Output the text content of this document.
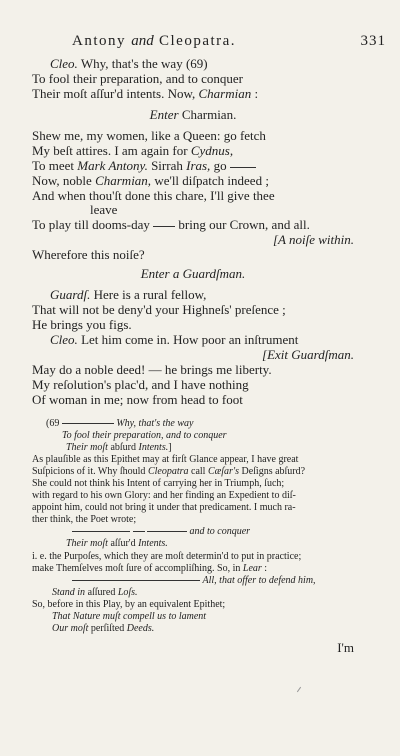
Antony and Cleopatra.	331
Cleo. Why, that's the way (69)
To fool their preparation, and to conquer
Their moſt aſſur'd intents. Now, Charmian :
Enter Charmian.
Shew me, my women, like a Queen: go fetch
My beſt attires. I am again for Cydnus,
To meet Mark Antony. Sirrah Iras, go
Now, noble Charmian, we'll diſpatch indeed ;
And when thou'ſt done this chare, I'll give thee
leave
To play till dooms-day  bring our Crown, and all.
[A noiſe within.
Wherefore this noiſe?
Enter a Guardſman.
Guardſ. Here is a rural fellow,
That will not be deny'd your Highneſs' preſence ;
He brings you figs.
Cleo. Let him come in. How poor an inſtrument
[Exit Guardſman.
May do a noble deed! — he brings me liberty.
My reſolution's plac'd, and I have nothing
Of woman in me; now from head to foot
(69	Why, that's the way
To fool their preparation, and to conquer
Their moſt abſurd Intents.]
As plauſible as this Epithet may at firſt Glance appear, I have great
Suſpicions of it. Why ſhould Cleopatra call Cæſar's Deſigns abſurd?
She could not think his Intent of carrying her in Triumph, ſuch;
with regard to his own Glory: and her finding an Expedient to diſ-
appoint him, could not bring it under that predicament. I much ra-
ther think, the Poet wrote;
and to conquer
Their moſt aſſur'd Intents.
i. e. the Purpoſes, which they are moſt determin'd to put in practice;
make Themſelves moſt ſure of accompliſhing. So, in Lear :
All, that offer to defend him,
Stand in aſſured Loſs.
So, before in this Play, by an equivalent Epithet;
That Nature muſt compell us to lament
Our moſt perſiſted Deeds.
I'm
